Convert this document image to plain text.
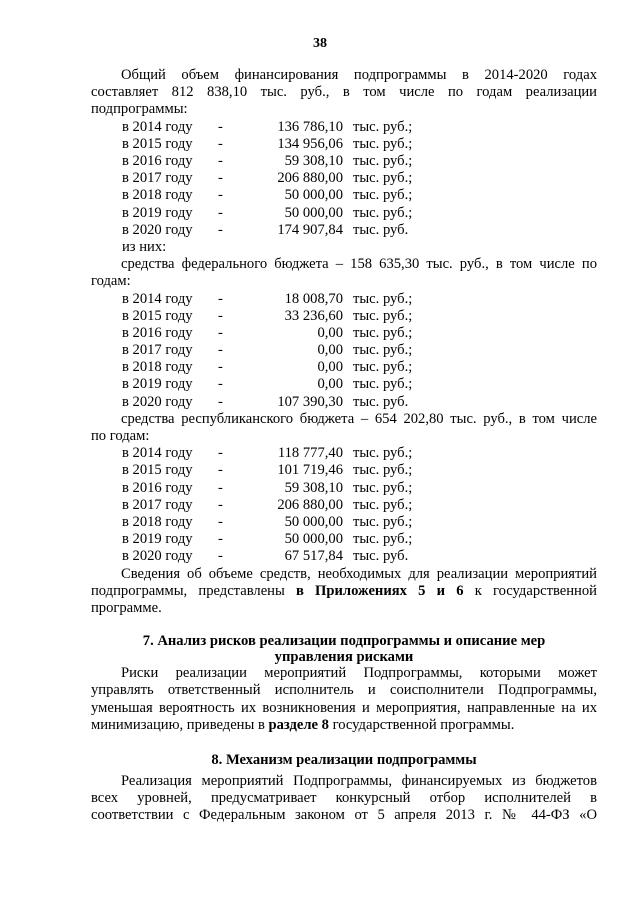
38
Общий объем финансирования подпрограммы в 2014-2020 годах
составляет 812 838,10 тыс. руб., в том числе по годам реализации
подпрограммы:
в 2014 году -	136 786,10 тыс. руб.;
в 2015 году -	134 956,06 тыс. руб.;
в 2016 году -	59 308,10 тыс. руб.;
в 2017 году -	206 880,00 тыс. руб.;
в 2018 году -	50 000,00 тыс. руб.;
в 2019 году -	50 000,00 тыс. руб.;
в 2020 году -	174 907,84 тыс. руб.
из них:
средства федерального бюджета – 158 635,30 тыс. руб., в том числе по
годам:
в 2014 году -	18 008,70 тыс. руб.;
в 2015 году -	33 236,60 тыс. руб.;
в 2016 году -	0,00 тыс. руб.;
в 2017 году -	0,00 тыс. руб.;
в 2018 году -	0,00 тыс. руб.;
в 2019 году -	0,00 тыс. руб.;
в 2020 году -	107 390,30 тыс. руб.
средства республиканского бюджета – 654 202,80 тыс. руб., в том числе
по годам:
в 2014 году -	118 777,40 тыс. руб.;
в 2015 году -	101 719,46 тыс. руб.;
в 2016 году -	59 308,10 тыс. руб.;
в 2017 году -	206 880,00 тыс. руб.;
в 2018 году -	50 000,00 тыс. руб.;
в 2019 году -	50 000,00 тыс. руб.;
в 2020 году -	67 517,84 тыс. руб.
Сведения об объеме средств, необходимых для реализации мероприятий
подпрограммы, представлены в Приложениях 5 и 6 к государственной
программе.
7. Анализ рисков реализации подпрограммы и описание мер
управления рисками
Риски реализации мероприятий Подпрограммы, которыми может
управлять ответственный исполнитель и соисполнители Подпрограммы,
уменьшая вероятность их возникновения и мероприятия, направленные на их
минимизацию, приведены в разделе 8 государственной программы.
8. Механизм реализации подпрограммы
Реализация мероприятий Подпрограммы, финансируемых из бюджетов
всех уровней, предусматривает конкурсный отбор исполнителей в
соответствии с Федеральным законом от 5 апреля 2013 г. № 44-ФЗ «О
